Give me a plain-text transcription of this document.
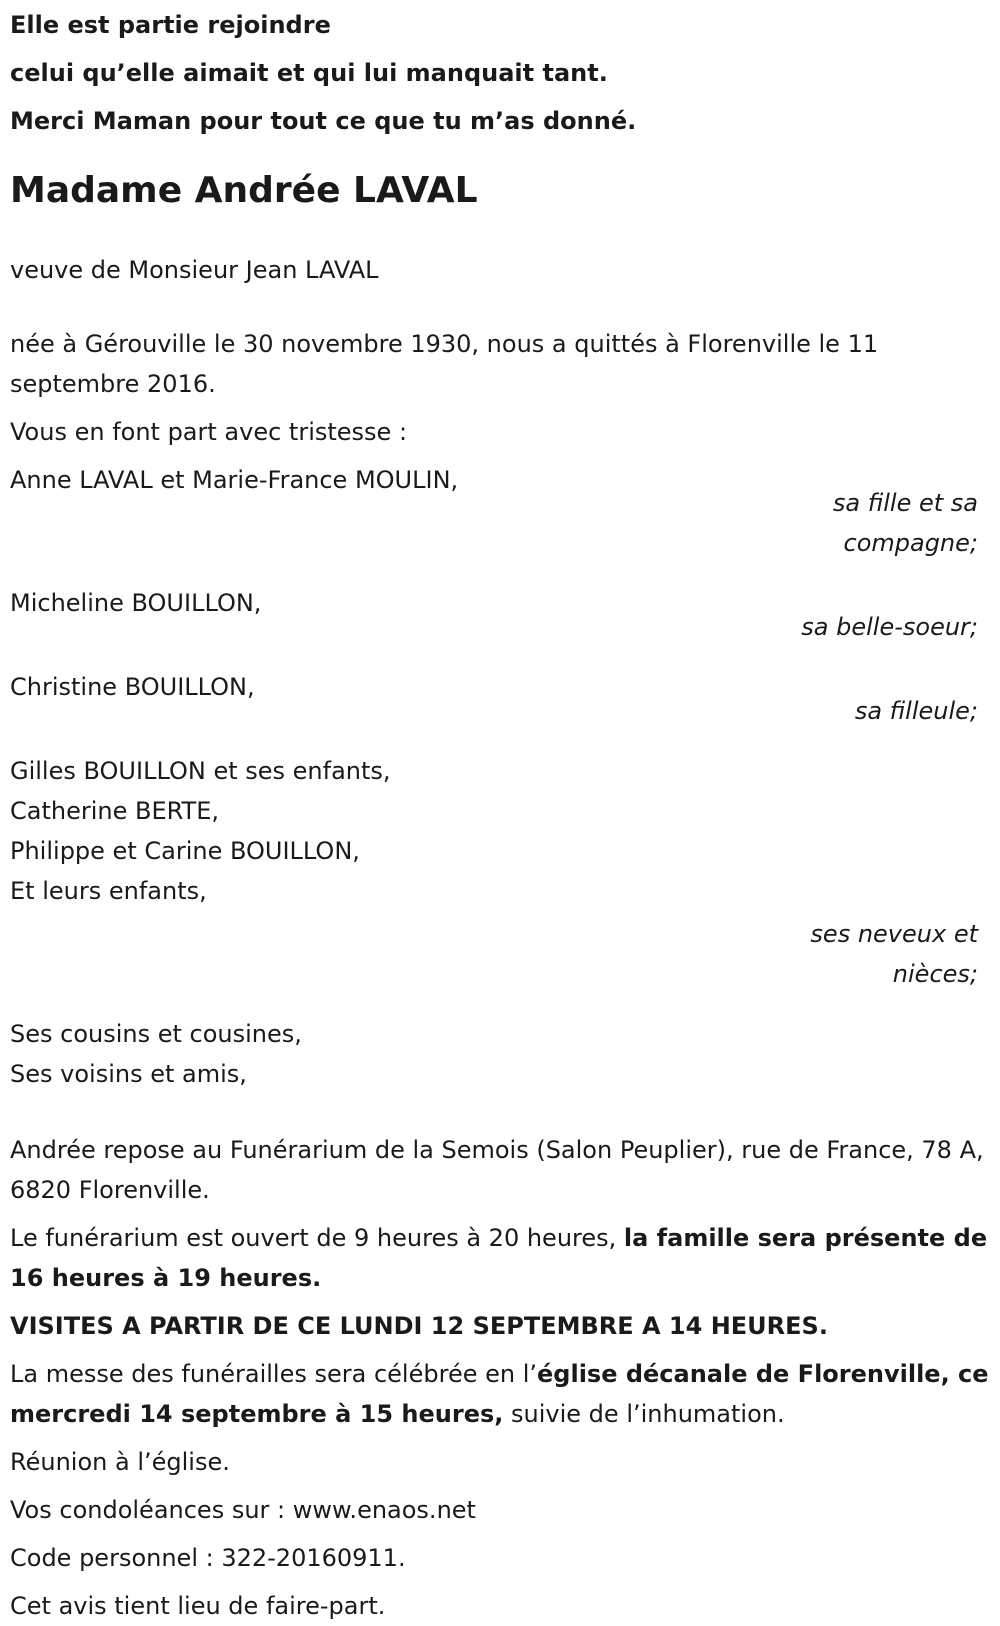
Elle est partie rejoindre

celui qu’elle aimait et qui lui manquait tant.

Merci Maman pour tout ce que tu m’as donné.

Madame Andrée LAVAL

veuve de Monsieur Jean LAVAL

née à Gérouville le 30 novembre 1930, nous a quittés à Florenville le 11 septembre 2016.

Vous en font part avec tristesse :

Anne LAVAL et Marie-France MOULIN,

sa fille et sa compagne;

Micheline BOUILLON,

sa belle-soeur;

Christine BOUILLON,

sa filleule;

Gilles BOUILLON et ses enfants,

Catherine BERTE,

Philippe et Carine BOUILLON,

Et leurs enfants,

ses neveux et nièces;

Ses cousins et cousines,

Ses voisins et amis,

Andrée repose au Funérarium de la Semois (Salon Peuplier), rue de France, 78 A, 6820 Florenville.

Le funérarium est ouvert de 9 heures à 20 heures, la famille sera présente de 16 heures à 19 heures.

VISITES A PARTIR DE CE LUNDI 12 SEPTEMBRE A 14 HEURES.

La messe des funérailles sera célébrée en l’église décanale de Florenville, ce mercredi 14 septembre à 15 heures, suivie de l’inhumation.

Réunion à l’église.

Vos condoléances sur : www.enaos.net

Code personnel : 322-20160911.

Cet avis tient lieu de faire-part.
